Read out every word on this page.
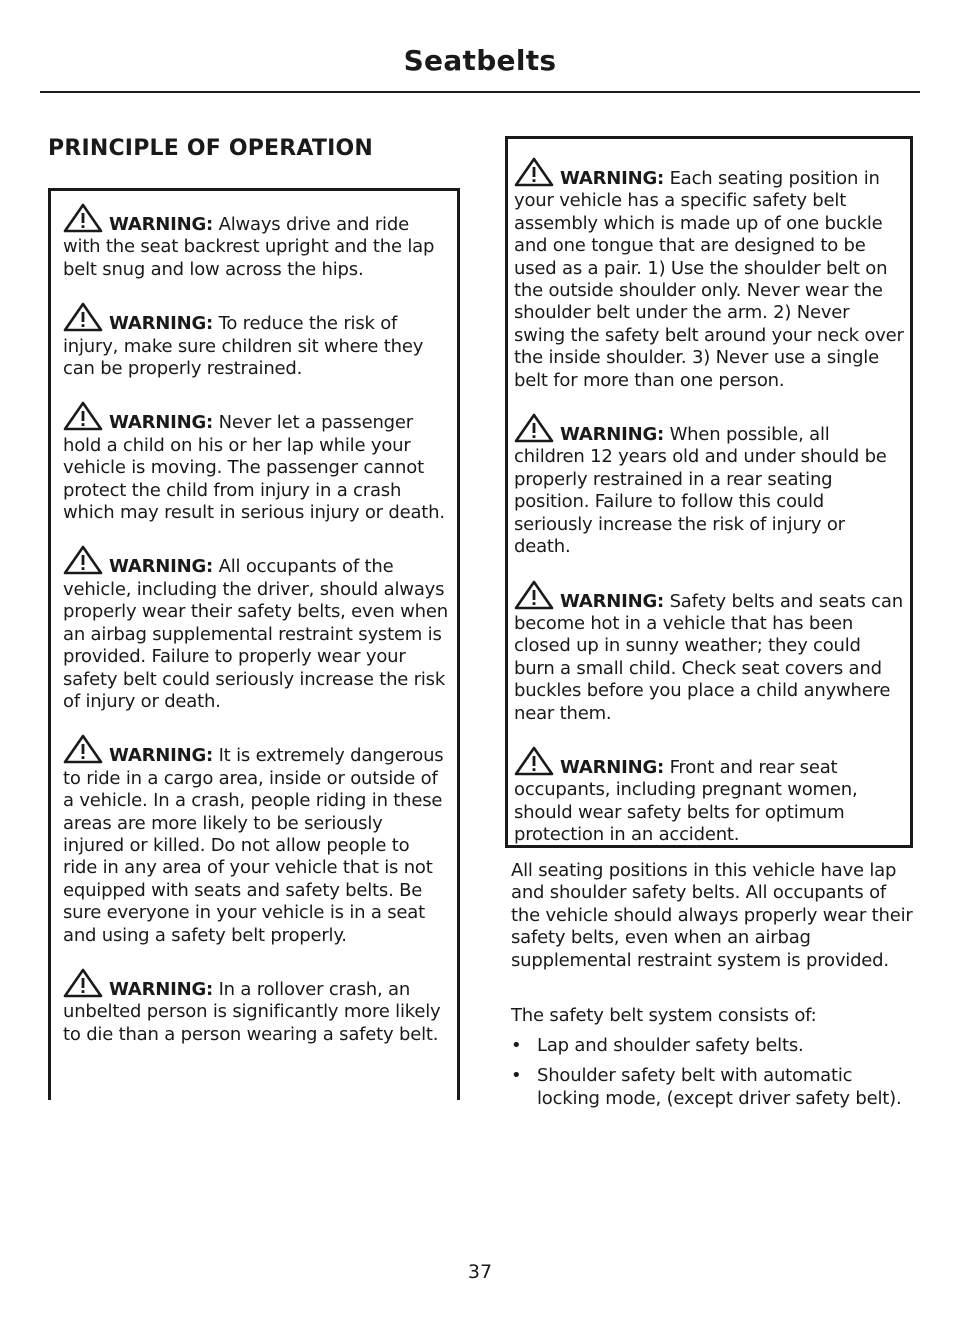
Seatbelts
PRINCIPLE OF OPERATION

WARNING: Always drive and ride with the seat backrest upright and the lap belt snug and low across the hips.

WARNING: To reduce the risk of injury, make sure children sit where they can be properly restrained.

WARNING: Never let a passenger hold a child on his or her lap while your vehicle is moving. The passenger cannot protect the child from injury in a crash which may result in serious injury or death.

WARNING: All occupants of the vehicle, including the driver, should always properly wear their safety belts, even when an airbag supplemental restraint system is provided. Failure to properly wear your safety belt could seriously increase the risk of injury or death.

WARNING: It is extremely dangerous to ride in a cargo area, inside or outside of a vehicle. In a crash, people riding in these areas are more likely to be seriously injured or killed. Do not allow people to ride in any area of your vehicle that is not equipped with seats and safety belts. Be sure everyone in your vehicle is in a seat and using a safety belt properly.

WARNING: In a rollover crash, an unbelted person is significantly more likely to die than a person wearing a safety belt.

WARNING: Each seating position in your vehicle has a specific safety belt assembly which is made up of one buckle and one tongue that are designed to be used as a pair. 1) Use the shoulder belt on the outside shoulder only. Never wear the shoulder belt under the arm. 2) Never swing the safety belt around your neck over the inside shoulder. 3) Never use a single belt for more than one person.

WARNING: When possible, all children 12 years old and under should be properly restrained in a rear seating position. Failure to follow this could seriously increase the risk of injury or death.

WARNING: Safety belts and seats can become hot in a vehicle that has been closed up in sunny weather; they could burn a small child. Check seat covers and buckles before you place a child anywhere near them.

WARNING: Front and rear seat occupants, including pregnant women, should wear safety belts for optimum protection in an accident.

All seating positions in this vehicle have lap and shoulder safety belts. All occupants of the vehicle should always properly wear their safety belts, even when an airbag supplemental restraint system is provided.

The safety belt system consists of:

• Lap and shoulder safety belts.
• Shoulder safety belt with automatic locking mode, (except driver safety belt).
37
